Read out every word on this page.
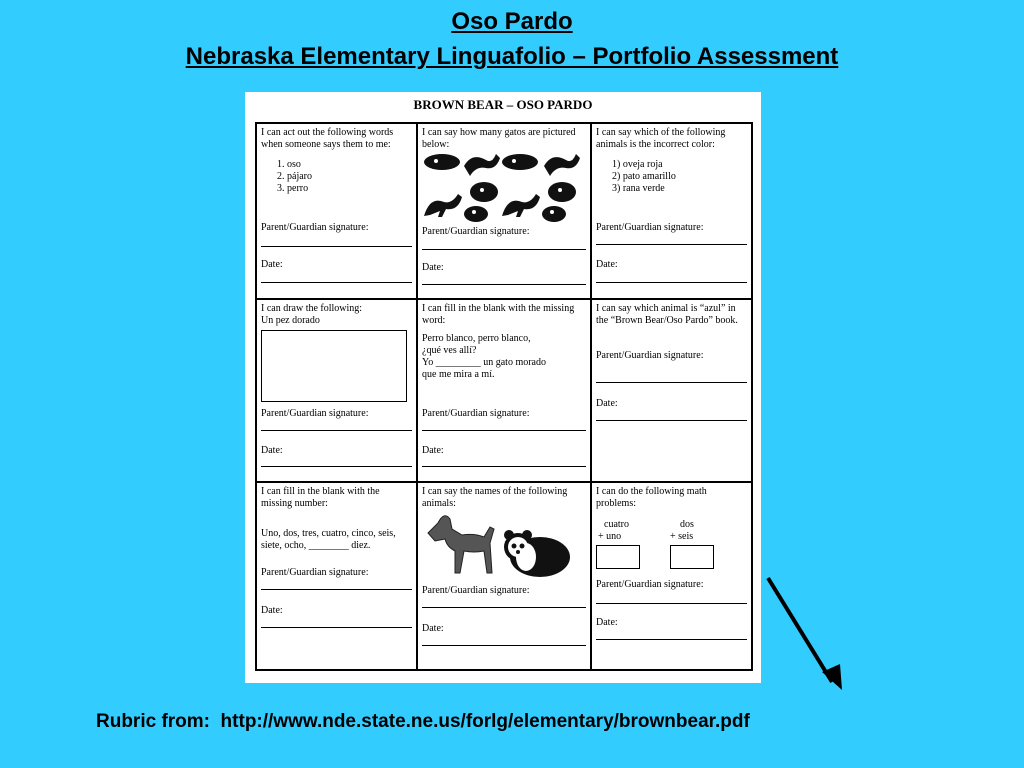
Oso Pardo
Nebraska Elementary Linguafolio – Portfolio Assessment
BROWN BEAR – OSO PARDO

I can act out the following words when someone says them to me:

1. oso
2. pájaro
3. perro
Parent/Guardian signature:
Date:

I can say how many gatos are pictured below:

Parent/Guardian signature:
Date:

I can say which of the following animals is the incorrect color:

1) oveja roja
2) pato amarillo
3) rana verde
Parent/Guardian signature:
Date:

I can draw the following:

Un pez dorado

Parent/Guardian signature:
Date:

I can fill in the blank with the missing word:

Perro blanco, perro blanco,
¿qué ves allí?
Yo _________ un gato morado
que me mira a mí.
Parent/Guardian signature:
Date:

I can say which animal is “azul” in the “Brown Bear/Oso Pardo” book.

Parent/Guardian signature:
Date:

I can fill in the blank with the missing number:

Uno, dos, tres, cuatro, cinco, seis, siete, ocho, ________ diez.

Parent/Guardian signature:
Date:

I can say the names of the following animals:

Parent/Guardian signature:
Date:

I can do the following math problems:

cuatro
+ uno
dos
+ seis
Parent/Guardian signature:
Date:
Rubric from:  http://www.nde.state.ne.us/forlg/elementary/brownbear.pdf
